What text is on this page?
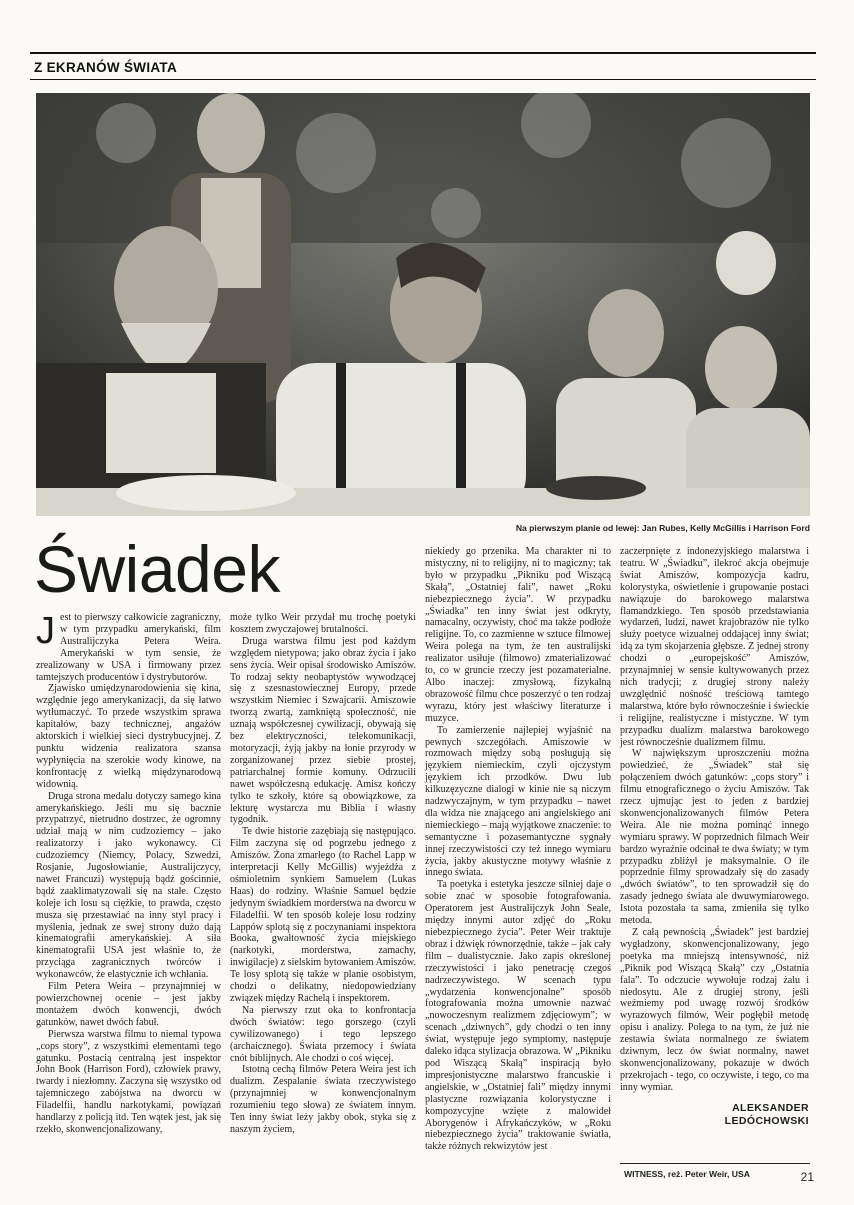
Z EKRANÓW ŚWIATA
Na pierwszym planie od lewej: Jan Rubes, Kelly McGillis i Harrison Ford
Świadek

Jest to pierwszy całkowicie zagraniczny, w tym przypadku amerykański, film Australijczyka Petera Weira. Amerykański w tym sensie, że zrealizowany w USA i firmowany przez tamtejszych producentów i dystrybutorów.

Zjawisko umiędzynarodowienia się kina, względnie jego amerykanizacji, da się łatwo wytłumaczyć. To przede wszystkim sprawa kapitałów, bazy technicznej, angażów aktorskich i wielkiej sieci dystrybucyjnej. Z punktu widzenia realizatora szansa wypłynięcia na szerokie wody kinowe, na konfrontację z wielką międzynarodową widownią.

Druga strona medalu dotyczy samego kina amerykańskiego. Jeśli mu się bacznie przypatrzyć, nietrudno dostrzec, że ogromny udział mają w nim cudzoziemcy – jako realizatorzy i jako wykonawcy. Ci cudzoziemcy (Niemcy, Polacy, Szwedzi, Rosjanie, Jugosłowianie, Australijczycy, nawet Francuzi) występują bądź gościnnie, bądź zaaklimatyzowali się na stałe. Często koleje ich losu są ciężkie, to prawda, często musza się przestawiać na inny styl pracy i myślenia, jednak ze swej strony dużo dają kinematografii amerykańskiej. A siła kinematografii USA jest właśnie to, że przyciąga zagranicznych twórców i wykonawców, że elastycznie ich wchłania.

Film Petera Weira – przynajmniej w powierzchownej ocenie – jest jakby montażem dwóch konwencji, dwóch gatunków, nawet dwóch fabuł.

Pierwsza warstwa filmu to niemal typowa „cops story”, z wszystkimi elementami tego gatunku. Postacią centralną jest inspektor John Book (Harrison Ford), człowiek prawy, twardy i niezłomny. Zaczyna się wszystko od tajemniczego zabójstwa na dworcu w Filadelfii, handlu narkotykami, powiązań handlarzy z policją itd. Ten wątek jest, jak się rzekło, skonwencjonalizowany,

może tylko Weir przydał mu trochę poetyki kosztem zwyczajowej brutalności.

Druga warstwa filmu jest pod każdym względem nietypowa; jako obraz życia i jako sens życia. Weir opisał środowisko Amiszów. To rodzaj sekty neobaptystów wywodzącej się z szesnastowiecznej Europy, przede wszystkim Niemiec i Szwajcarii. Amiszowie tworzą zwartą, zamkniętą społeczność, nie uznają współczesnej cywilizacji, obywają się bez elektryczności, telekomunikacji, motoryzacji, żyją jakby na łonie przyrody w zorganizowanej przez siebie prostej, patriarchalnej formie komuny. Odrzucili nawet współczesną edukację. Amisz kończy tylko te szkoły, które są obowiązkowe, za lekturę wystarcza mu Biblia i własny tygodnik.

Te dwie historie zazębiają się następująco. Film zaczyna się od pogrzebu jednego z Amiszów. Żona zmarłego (to Rachel Lapp w interpretacji Kelly McGillis) wyjeżdża z ośmioletnim synkiem Samuelem (Lukas Haas) do rodziny. Właśnie Samuel będzie jedynym świadkiem morderstwa na dworcu w Filadelfii. W ten sposób koleje losu rodziny Lappów splotą się z poczynaniami inspektora Booka, gwałtowność życia miejskiego (narkotyki, morderstwa, zamachy, inwigilacje) z sielskim bytowaniem Amiszów. Te losy splotą się także w planie osobistym, chodzi o delikatny, niedopowiedziany związek między Rachelą i inspektorem.

Na pierwszy rzut oka to konfrontacja dwóch światów: tego gorszego (czyli cywilizowanego) i tego lepszego (archaicznego). Świata przemocy i świata cnót biblijnych. Ale chodzi o coś więcej.

Istotną cechą filmów Petera Weira jest ich dualizm. Zespalanie świata rzeczywistego (przynajmniej w konwencjonalnym rozumieniu tego słowa) ze światem innym. Ten inny świat leży jakby obok, styka się z naszym życiem,

niekiedy go przenika. Ma charakter ni to mistyczny, ni to religijny, ni to magiczny; tak było w przypadku „Pikniku pod Wiszącą Skałą”, „Ostatniej fali”, nawet „Roku niebezpiecznego życia”. W przypadku „Świadka” ten inny świat jest odkryty, namacalny, oczywisty, choć ma także podłoże religijne. To, co zazmienne w sztuce filmowej Weira polega na tym, że ten australijski realizator usiłuje (filmowo) zmaterializować to, co w gruncie rzeczy jest pozamaterialne. Albo inaczej: zmysłową, fizykalną obrazowość filmu chce poszerzyć o ten rodzaj wyrazu, który jest właściwy literaturze i muzyce.

To zamierzenie najlepiej wyjaśnić na pewnych szczegółach. Amiszowie w rozmowach między sobą posługują się językiem niemieckim, czyli ojczystym językiem ich przodków. Dwu lub kilkuzęzyczne dialogi w kinie nie są niczym nadzwyczajnym, w tym przypadku – nawet dla widza nie znającego ani angielskiego ani niemieckiego – mają wyjątkowe znaczenie: to semantyczne i pozasemantyczne sygnały innej rzeczywistości czy też innego wymiaru życia, jakby akustyczne motywy właśnie z innego świata.

Ta poetyka i estetyka jeszcze silniej daje o sobie znać w sposobie fotografowania. Operatorem jest Australijczyk John Seale, między innymi autor zdjęć do „Roku niebezpiecznego życia”. Peter Weir traktuje obraz i dźwięk równorzędnie, także – jak cały film – dualistycznie. Jako zapis określonej rzeczywistości i jako penetrację czegoś nadrzeczywistego. W scenach typu „wydarzenia konwencjonalne” sposób fotografowania można umownie nazwać „nowoczesnym realizmem zdjęciowym”; w scenach „dziwnych”, gdy chodzi o ten inny świat, występuje jego symptomy, następuje daleko idąca stylizacja obrazowa. W „Pikniku pod Wiszącą Skałą” inspiracją było impresjonistyczne malarstwo francuskie i angielskie, w „Ostatniej fali” między innymi plastyczne rozwiązania kolorystyczne i kompozycyjne wzięte z malowideł Aborygenów i Afrykańczyków, w „Roku niebezpiecznego życia” traktowanie światła, także różnych rekwizytów jest

zaczerpnięte z indonezyjskiego malarstwa i teatru. W „Świadku”, ilekroć akcja obejmuje świat Amiszów, kompozycja kadru, kolorystyka, oświetlenie i grupowanie postaci nawiązuje do barokowego malarstwa flamandzkiego. Ten sposób przedstawiania wydarzeń, ludzi, nawet krajobrazów nie tylko służy poetyce wizualnej oddającej inny świat; idą za tym skojarzenia głębsze. Z jednej strony chodzi o „europejskość” Amiszów, przynajmniej w sensie kultywowanych przez nich tradycji; z drugiej strony należy uwzględnić nośność treściową tamtego malarstwa, które było równocześnie i świeckie i religijne, realistyczne i mistyczne. W tym przypadku dualizm malarstwa barokowego jest równocześnie dualizmem filmu.

W największym uproszczeniu można powiedzieć, że „Świadek” stał się połączeniem dwóch gatunków: „cops story” i filmu etnograficznego o życiu Amiszów. Tak rzecz ujmując jest to jeden z bardziej skonwencjonalizowanych filmów Petera Weira. Ale nie można pominąć innego wymiaru sprawy. W poprzednich filmach Weir bardzo wyraźnie odcinał te dwa światy; w tym przypadku zbliżył je maksymalnie. O ile poprzednie filmy sprowadzały się do zasady „dwóch światów”, to ten sprowadził się do zasady jednego świata ale dwuwymiarowego. Istota pozostała ta sama, zmieniła się tylko metoda.

Z całą pewnością „Świadek” jest bardziej wygładzony, skonwencjonalizowany, jego poetyka ma mniejszą intensywność, niż „Piknik pod Wiszącą Skałą” czy „Ostatnia fala”. To odczucie wywołuje rodzaj żalu i niedosytu. Ale z drugiej strony, jeśli weźmiemy pod uwagę rozwój środków wyrazowych filmów, Weir pogłębił metodę opisu i analizy. Polega to na tym, że już nie zestawia świata normalnego ze światem dziwnym, lecz ów świat normalny, nawet skonwencjonalizowany, pokazuje w dwóch przekrojach - tego, co oczywiste, i tego, co ma inny wymiar.

ALEKSANDER
LEDÓCHOWSKI
WITNESS, reż. Peter Weir, USA	21
